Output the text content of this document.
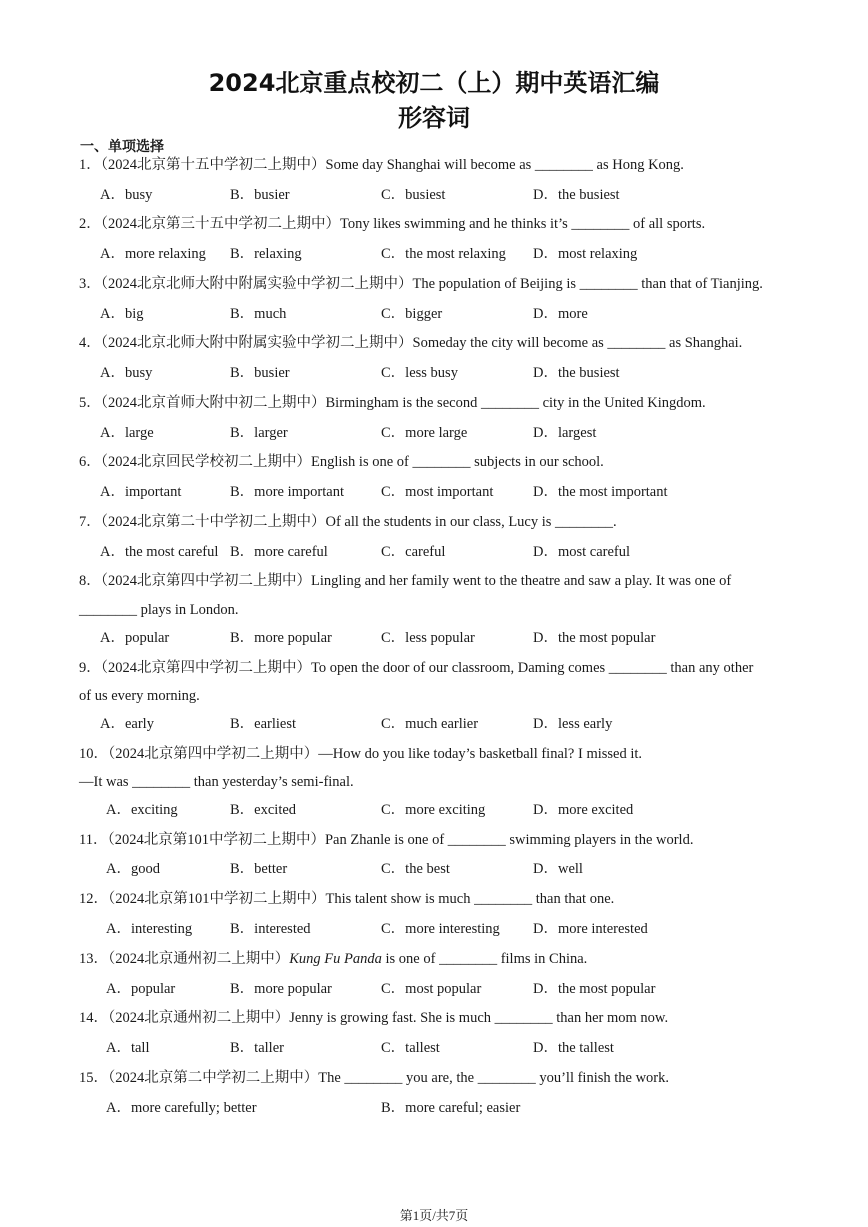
2024北京重点校初二（上）期中英语汇编
形容词
一、单项选择
1．（2024北京第十五中学初二上期中）Some day Shanghai will become as ________ as Hong Kong.
A．busy	B．busier	C．busiest	D．the busiest
2．（2024北京第三十五中学初二上期中）Tony likes swimming and he thinks it’s ________ of all sports.
A．more relaxing B．relaxing	C．the most relaxing D．most relaxing
3．（2024北京北师大附中附属实验中学初二上期中）The population of Beijing is ________ than that of Tianjing.
A．big	B．much	C．bigger	D．more
4．（2024北京北师大附中附属实验中学初二上期中）Someday the city will become as ________ as Shanghai.
A．busy	B．busier	C．less busy	D．the busiest
5．（2024北京首师大附中初二上期中）Birmingham is the second ________ city in the United Kingdom.
A．large	B．larger	C．more large	D．largest
6．（2024北京回民学校初二上期中）English is one of ________ subjects in our school.
A．important	B．more important	C．most important	D．the most important
7．（2024北京第二十中学初二上期中）Of all the students in our class, Lucy is ________.
A．the most careful B．more careful	C．careful	D．most careful
8．（2024北京第四中学初二上期中）Lingling and her family went to the theatre and saw a play. It was one of
________ plays in London.
A．popular	B．more popular	C．less popular	D．the most popular
9．（2024北京第四中学初二上期中）To open the door of our classroom, Daming comes ________ than any other
of us every morning.
A．early	B．earliest	C．much earlier	D．less early
10．（2024北京第四中学初二上期中）—How do you like today’s basketball final? I missed it.
—It was ________ than yesterday’s semi-final.
A．exciting	B．excited	C．more exciting	D．more excited
11．（2024北京第101中学初二上期中）Pan Zhanle is one of ________ swimming players in the world.
A．good	B．better	C．the best	D．well
12．（2024北京第101中学初二上期中）This talent show is much ________ than that one.
A．interesting	B．interested	C．more interesting D．more interested
13．（2024北京通州初二上期中）Kung Fu Panda is one of ________ films in China.
A．popular	B．more popular	C．most popular	D．the most popular
14．（2024北京通州初二上期中）Jenny is growing fast. She is much ________ than her mom now.
A．tall	B．taller	C．tallest	D．the tallest
15．（2024北京第二中学初二上期中）The ________ you are, the ________ you’ll finish the work.
A．more carefully; better	B．more careful; easier
第1页/共7页
